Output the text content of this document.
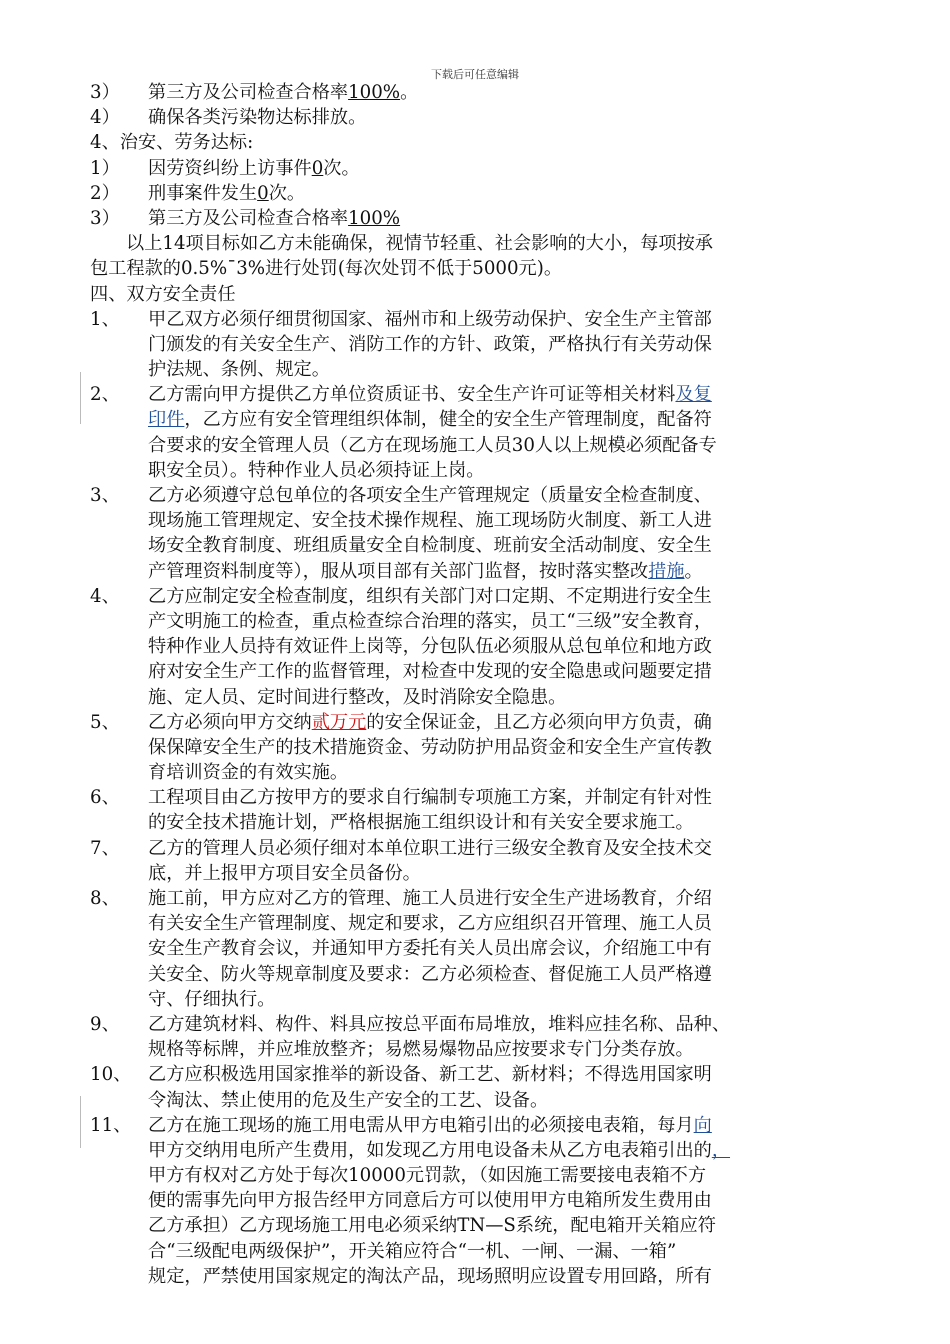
下载后可任意编辑
3） 第三方及公司检查合格率100%。
4） 确保各类污染物达标排放。
4、治安、劳务达标:
1） 因劳资纠纷上访事件0次。
2） 刑事案件发生0次。
3） 第三方及公司检查合格率100%
以上14项目标如乙方未能确保，视情节轻重、社会影响的大小，每项按承
包工程款的0.5%¯3%进行处罚(每次处罚不低于5000元)。
四、双方安全责任
1、 甲乙双方必须仔细贯彻国家、福州市和上级劳动保护、安全生产主管部
门颁发的有关安全生产、消防工作的方针、政策，严格执行有关劳动保
护法规、条例、规定。
2、 乙方需向甲方提供乙方单位资质证书、安全生产许可证等相关材料及复
印件，乙方应有安全管理组织体制，健全的安全生产管理制度，配备符
合要求的安全管理人员（乙方在现场施工人员30人以上规模必须配备专
职安全员）。特种作业人员必须持证上岗。
3、 乙方必须遵守总包单位的各项安全生产管理规定（质量安全检查制度、
现场施工管理规定、安全技术操作规程、施工现场防火制度、新工人进
场安全教育制度、班组质量安全自检制度、班前安全活动制度、安全生
产管理资料制度等），服从项目部有关部门监督，按时落实整改措施。
4、 乙方应制定安全检查制度，组织有关部门对口定期、不定期进行安全生
产文明施工的检查，重点检查综合治理的落实，员工“三级”安全教育，
特种作业人员持有效证件上岗等，分包队伍必须服从总包单位和地方政
府对安全生产工作的监督管理，对检查中发现的安全隐患或问题要定措
施、定人员、定时间进行整改，及时消除安全隐患。
5、 乙方必须向甲方交纳贰万元的安全保证金，且乙方必须向甲方负责，确
保保障安全生产的技术措施资金、劳动防护用品资金和安全生产宣传教
育培训资金的有效实施。
6、 工程项目由乙方按甲方的要求自行编制专项施工方案，并制定有针对性
的安全技术措施计划，严格根据施工组织设计和有关安全要求施工。
7、 乙方的管理人员必须仔细对本单位职工进行三级安全教育及安全技术交
底，并上报甲方项目安全员备份。
8、 施工前，甲方应对乙方的管理、施工人员进行安全生产进场教育，介绍
有关安全生产管理制度、规定和要求，乙方应组织召开管理、施工人员
安全生产教育会议，并通知甲方委托有关人员出席会议，介绍施工中有
关安全、防火等规章制度及要求：乙方必须检查、督促施工人员严格遵
守、仔细执行。
9、 乙方建筑材料、构件、料具应按总平面布局堆放，堆料应挂名称、品种、
规格等标牌，并应堆放整齐；易燃易爆物品应按要求专门分类存放。
10、 乙方应积极选用国家推举的新设备、新工艺、新材料；不得选用国家明
令淘汰、禁止使用的危及生产安全的工艺、设备。
11、 乙方在施工现场的施工用电需从甲方电箱引出的必须接电表箱，每月向
甲方交纳用电所产生费用，如发现乙方用电设备未从乙方电表箱引出的，
甲方有权对乙方处于每次10000元罚款，（如因施工需要接电表箱不方
便的需事先向甲方报告经甲方同意后方可以使用甲方电箱所发生费用由
乙方承担）乙方现场施工用电必须采纳TN—S系统，配电箱开关箱应符
合“三级配电两级保护”，开关箱应符合“一机、一闸、一漏、一箱”
规定，严禁使用国家规定的淘汰产品，现场照明应设置专用回路，所有
